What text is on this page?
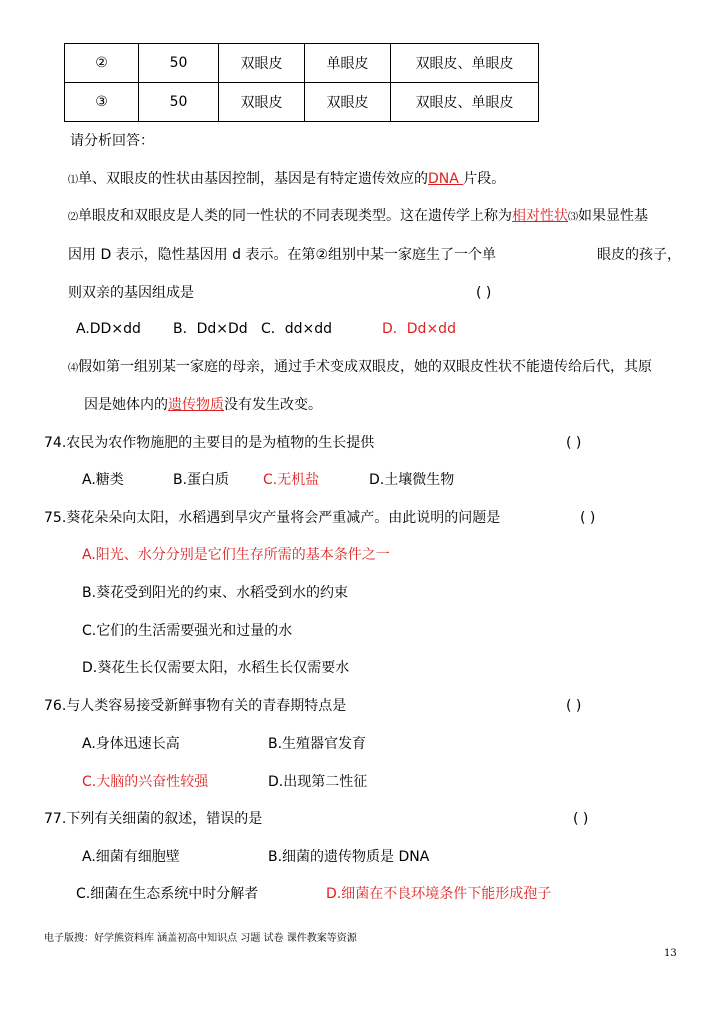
②	50	双眼皮	单眼皮	双眼皮、单眼皮
③	50	双眼皮	双眼皮	双眼皮、单眼皮
请分析回答：
⑴单、双眼皮的性状由基因控制，基因是有特定遗传效应的DNA 片段。
⑵单眼皮和双眼皮是人类的同一性状的不同表现类型。这在遗传学上称为相对性状⑶如果显性基
因用 D 表示，隐性基因用 d 表示。在第②组别中某一家庭生了一个单	眼皮的孩子，
则双亲的基因组成是	( )
A.DD×dd B．Dd×Dd C．dd×dd	D．Dd×dd
⑷假如第一组别某一家庭的母亲，通过手术变成双眼皮，她的双眼皮性状不能遗传给后代，其原
因是她体内的遗传物质没有发生改变。
74.农民为农作物施肥的主要目的是为植物的生长提供	( )
A.糖类	B.蛋白质 C.无机盐	D.土壤微生物
75.葵花朵朵向太阳，水稻遇到旱灾产量将会严重减产。由此说明的问题是	( )
A.阳光、水分分别是它们生存所需的基本条件之一
B.葵花受到阳光的约束、水稻受到水的约束
C.它们的生活需要强光和过量的水
D.葵花生长仅需要太阳，水稻生长仅需要水
76.与人类容易接受新鲜事物有关的青春期特点是	( )
A.身体迅速长高	B.生殖器官发育
C.大脑的兴奋性较强	D.出现第二性征
77.下列有关细菌的叙述，错误的是	( )
A.细菌有细胞壁	B.细菌的遗传物质是 DNA
C.细菌在生态系统中时分解者	D.细菌在不良环境条件下能形成孢子
电子版搜：好学熊资料库 涵盖初高中知识点 习题 试卷 课件教案等资源
13
